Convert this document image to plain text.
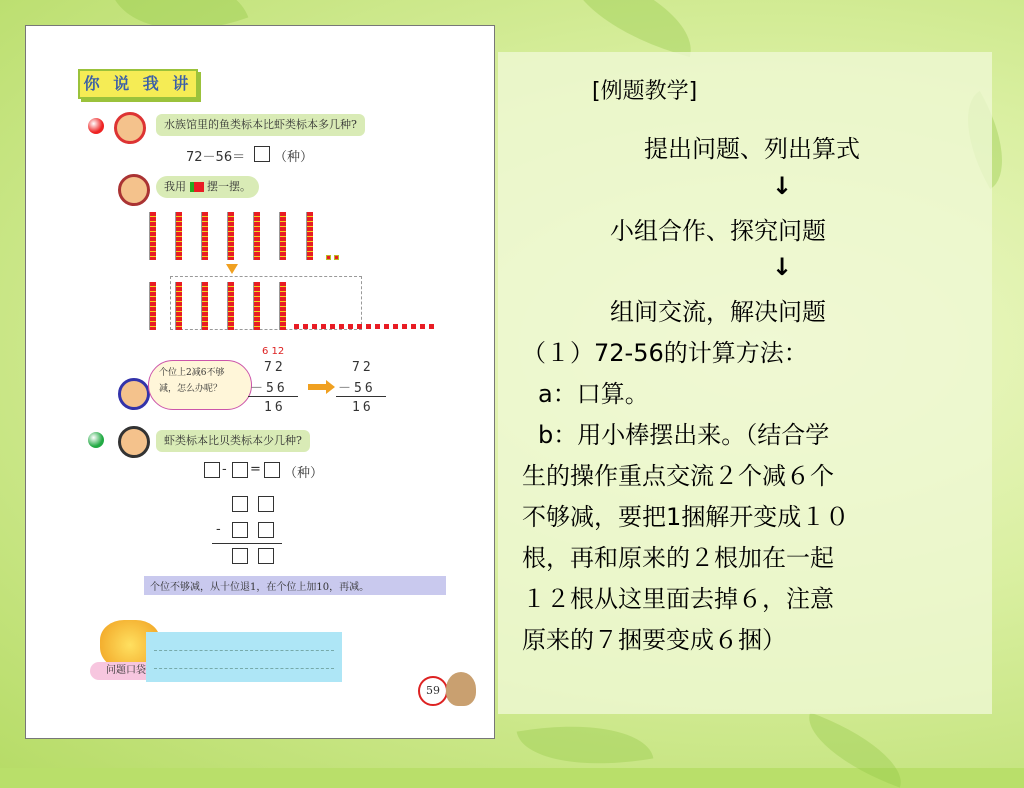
你 说 我 讲
水族馆里的鱼类标本比虾类标本多几种?
72－56＝ （种）
我用 摆一摆。
个位上2减6不够减，怎么办呢？
6 12
72
－56
16
72
－56
16
虾类标本比贝类标本少几种?
- = （种）
-
个位不够减，从十位退1，在个位上加10，再减。
问题口袋
59
[例题教学]
提出问题、列出算式
↓
小组合作、探究问题
↓
组间交流，解决问题
（１）72-56的计算方法：
a：口算。
b：用小棒摆出来。（结合学
生的操作重点交流２个减６个
不够减，要把1捆解开变成１０
根，再和原来的２根加在一起
１２根从这里面去掉６，注意
原来的７捆要变成６捆）
